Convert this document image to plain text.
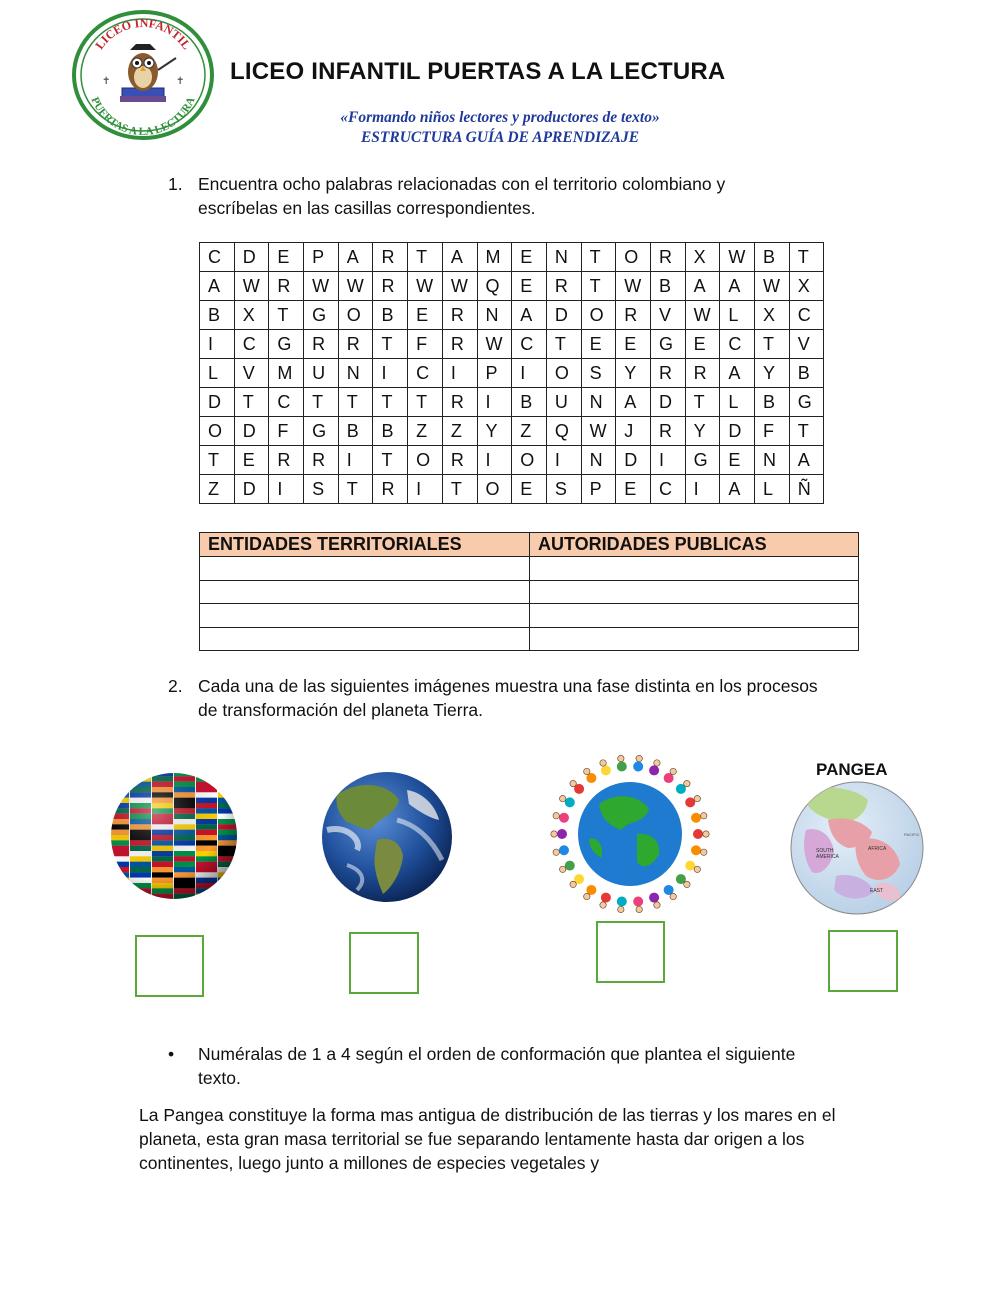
LICEO INFANTIL
PUERTAS A LA LECTURA
✝	✝ LICEO INFANTIL PUERTAS A LA LECTURA
«Formando niños lectores y productores de texto»
ESTRUCTURA GUÍA DE APRENDIZAJE
1. Encuentra ocho palabras relacionadas con el territorio colombiano y escríbelas en las casillas correspondientes.
C	D	E	P	A	R	T	A	M	E	N	T	O	R	X	W	B	T
A	W	R	W	W	R	W	W	Q	E	R	T	W	B	A	A	W	X
B	X	T	G	O	B	E	R	N	A	D	O	R	V	W	L	X	C
I	C	G	R	R	T	F	R	W	C	T	E	E	G	E	C	T	V
L	V	M	U	N	I	C	I	P	I	O	S	Y	R	R	A	Y	B
D	T	C	T	T	T	T	R	I	B	U	N	A	D	T	L	B	G
O	D	F	G	B	B	Z	Z	Y	Z	Q	W	J	R	Y	D	F	T
T	E	R	R	I	T	O	R	I	O	I	N	D	I	G	E	N	A
Z	D	I	S	T	R	I	T	O	E	S	P	E	C	I	A	L	Ñ
ENTIDADES TERRITORIALES	AUTORIDADES PUBLICAS

2. Cada una de las siguientes imágenes muestra una fase distinta en los procesos de transformación del planeta Tierra.
PANGEA
SOUTH
AMERICA
AFRICA
EAST
PACIFIC
• Numéralas de 1 a 4 según el orden de conformación que plantea el siguiente texto.
La Pangea constituye la forma mas antigua de distribución de las tierras y los mares en el planeta, esta gran masa territorial se fue separando lentamente hasta dar origen a los continentes, luego junto a millones de especies vegetales y
